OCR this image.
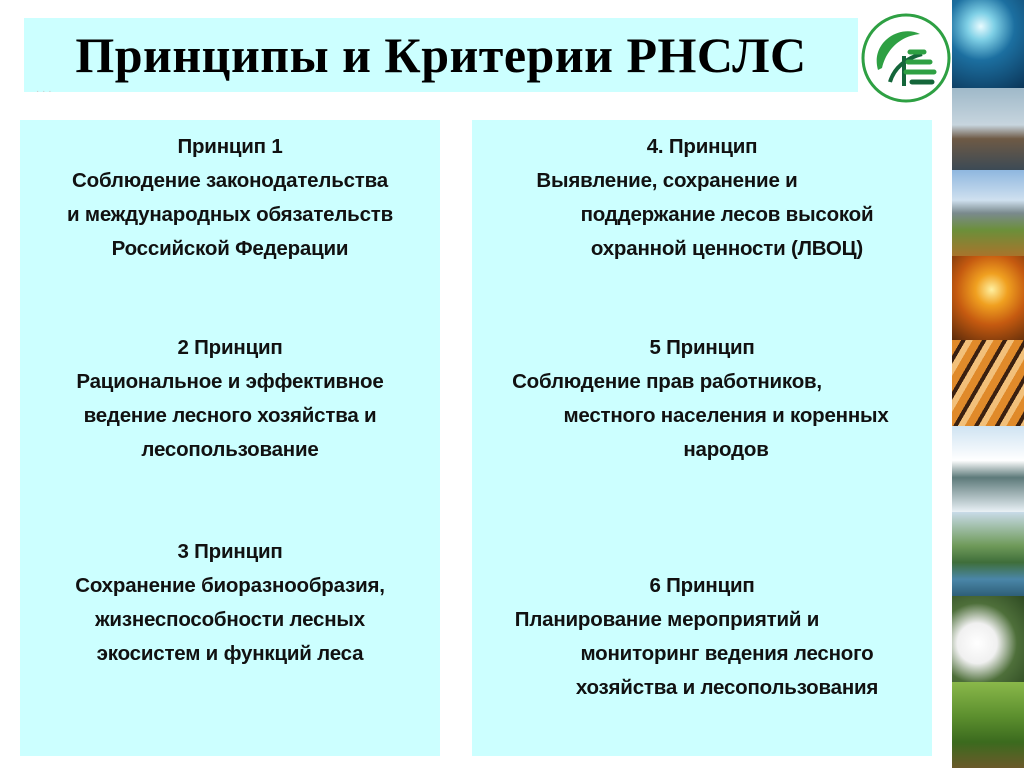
Принципы и Критерии РНСЛС
· · ·
Принцип 1
Соблюдение законодательства
и международных обязательств
Российской Федерации
2 Принцип
Рациональное и эффективное
ведение лесного хозяйства и
лесопользование
3 Принцип
Сохранение биоразнообразия,
жизнеспособности лесных
экосистем и функций леса
4. Принцип
Выявление, сохранение и
поддержание лесов высокой
охранной ценности (ЛВОЦ)
5 Принцип
Соблюдение прав работников,
местного населения и коренных
народов
6 Принцип
Планирование мероприятий и
мониторинг ведения лесного
хозяйства и лесопользования
